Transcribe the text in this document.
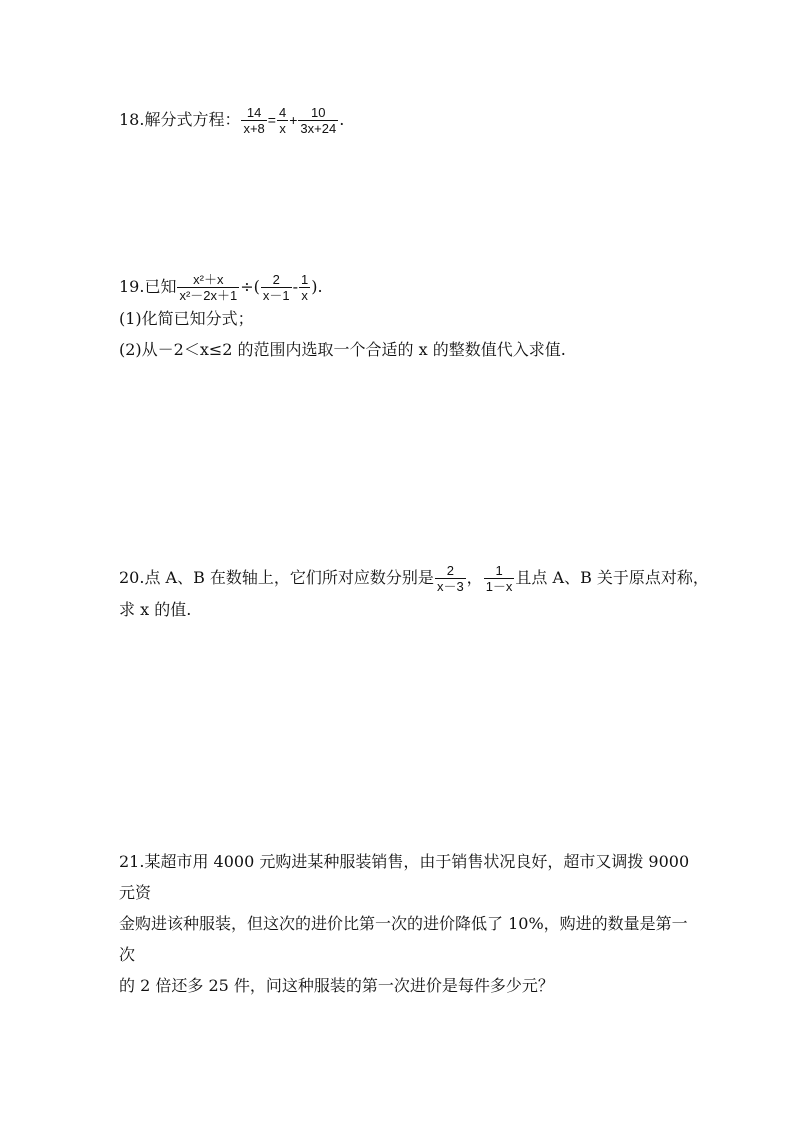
18.解分式方程： $\frac{14}{x+8} = \frac{4}{x} + \frac{10}{3x+24}$ .
19.已知 $\frac{\text{x²＋x}}{\text{x²－2x＋1}}$ ÷( $\frac{2}{x-1} - \frac{1}{x}$ ).
(1)化简已知分式；
(2)从－2＜x≤2 的范围内选取一个合适的 x 的整数值代入求值.
20.点 A、B 在数轴上，它们所对应数分别是 $\frac{2}{x-3}$ ， $\frac{1}{1-x}$ 且点 A、B 关于原点对称，
求 x 的值.
21.某超市用 4000 元购进某种服装销售，由于销售状况良好，超市又调拨 9000 元资
金购进该种服装，但这次的进价比第一次的进价降低了 10%，购进的数量是第一次
的 2 倍还多 25 件，问这种服装的第一次进价是每件多少元？
